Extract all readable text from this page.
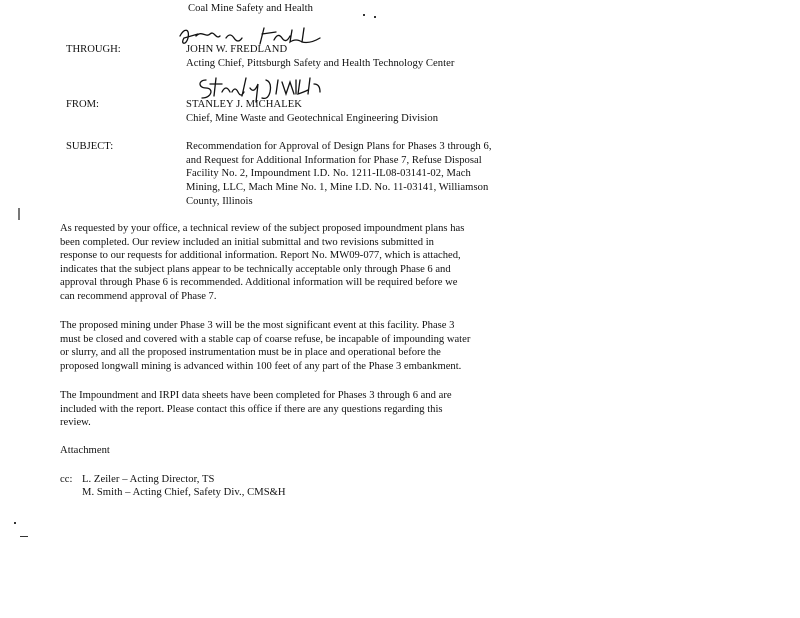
Coal Mine Safety and Health
THROUGH:	JOHN W. FREDLAND
Acting Chief, Pittsburgh Safety and Health Technology Center
FROM:	STANLEY J. MICHALEK
Chief, Mine Waste and Geotechnical Engineering Division
SUBJECT:	Recommendation for Approval of Design Plans for Phases 3 through 6,
and Request for Additional Information for Phase 7, Refuse Disposal
Facility No. 2, Impoundment I.D. No. 1211-IL08-03141-02, Mach
Mining, LLC, Mach Mine No. 1, Mine I.D. No. 11-03141, Williamson
County, Illinois
As requested by your office, a technical review of the subject proposed impoundment plans has
been completed. Our review included an initial submittal and two revisions submitted in
response to our requests for additional information. Report No. MW09-077, which is attached,
indicates that the subject plans appear to be technically acceptable only through Phase 6 and
approval through Phase 6 is recommended. Additional information will be required before we
can recommend approval of Phase 7.
The proposed mining under Phase 3 will be the most significant event at this facility. Phase 3
must be closed and covered with a stable cap of coarse refuse, be incapable of impounding water
or slurry, and all the proposed instrumentation must be in place and operational before the
proposed longwall mining is advanced within 100 feet of any part of the Phase 3 embankment.
The Impoundment and IRPI data sheets have been completed for Phases 3 through 6 and are
included with the report. Please contact this office if there are any questions regarding this
review.
Attachment
cc: L. Zeiler – Acting Director, TS
M. Smith – Acting Chief, Safety Div., CMS&H
